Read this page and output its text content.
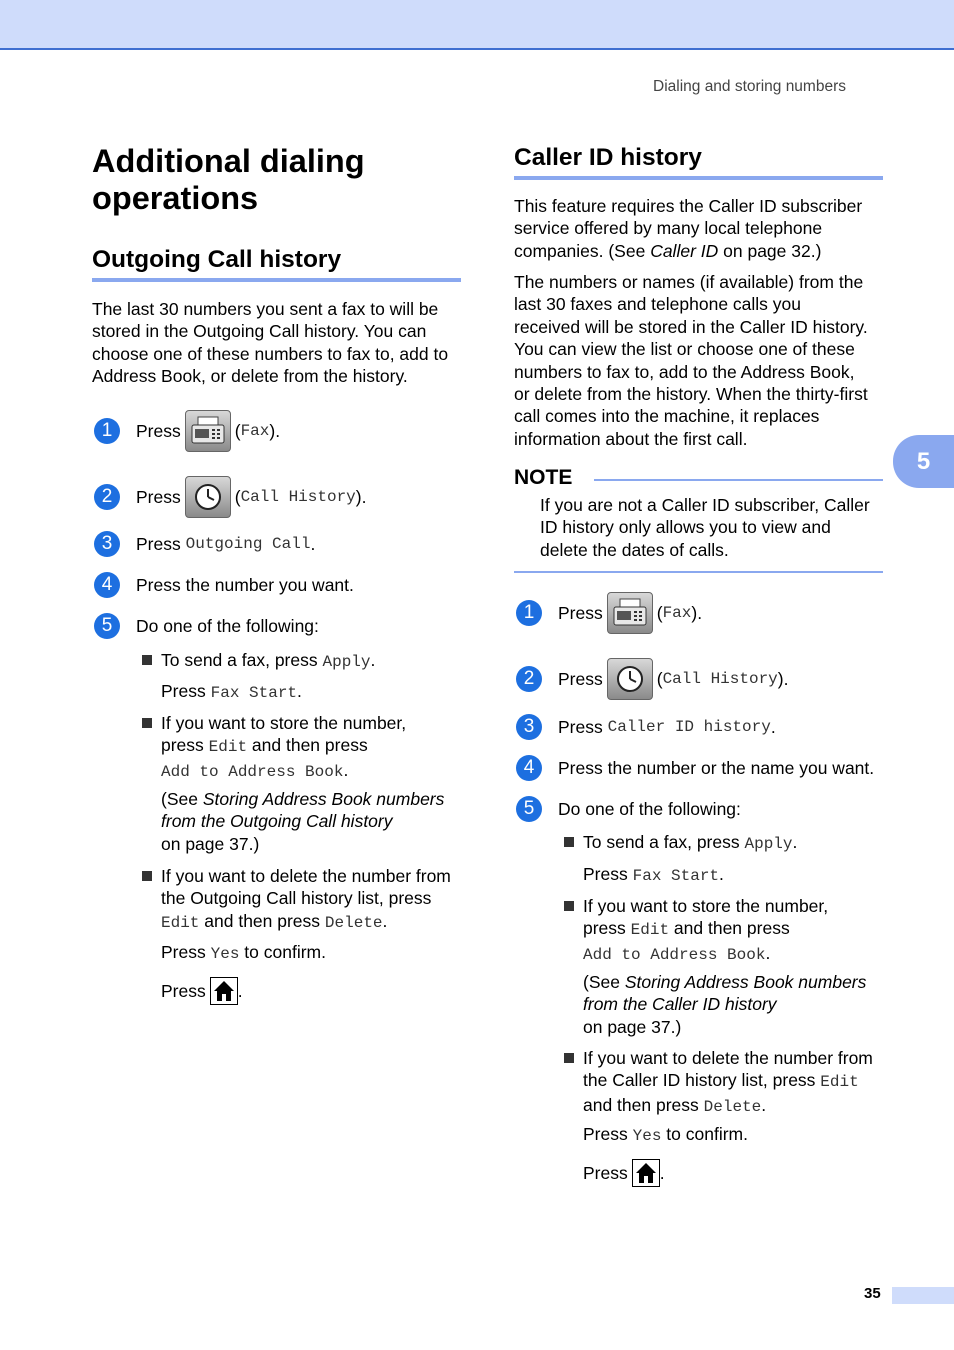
Dialing and storing numbers
Additional dialing
operations
Outgoing Call history
The last 30 numbers you sent a fax to will be
stored in the Outgoing Call history. You can
choose one of these numbers to fax to, add to
Address Book, or delete from the history.
1	Press	( Fax ).
2	Press	( Call History ).
3	Press
Outgoing Call .
4	Press the number you want.
5	Do one of the following:
To send a fax, press Apply.
Press Fax Start.
If you want to store the number,
press Edit and then press
Add to Address Book.
(See Storing Address Book numbers
from the Outgoing Call history
on page 37.)
If you want to delete the number from
the Outgoing Call history list, press
Edit and then press Delete.
Press Yes to confirm.
Press .
Caller ID history
This feature requires the Caller ID subscriber
service offered by many local telephone
companies. (See Caller ID on page 32.)
The numbers or names (if available) from the
last 30 faxes and telephone calls you
received will be stored in the Caller ID history.
You can view the list or choose one of these
numbers to fax to, add to the Address Book,
or delete from the history. When the thirty-first
call comes into the machine, it replaces
information about the first call.
NOTE
If you are not a Caller ID subscriber, Caller
ID history only allows you to view and
delete the dates of calls.
1	Press	( Fax ).
2	Press	( Call History ).
3	Press
Caller ID history .
4	Press the number or the name you want.
5	Do one of the following:
To send a fax, press Apply.
Press Fax Start.
If you want to store the number,
press Edit and then press
Add to Address Book.
(See Storing Address Book numbers
from the Caller ID history
on page 37.)
If you want to delete the number from
the Caller ID history list, press Edit
and then press Delete.
Press Yes to confirm.
Press .
5
35
